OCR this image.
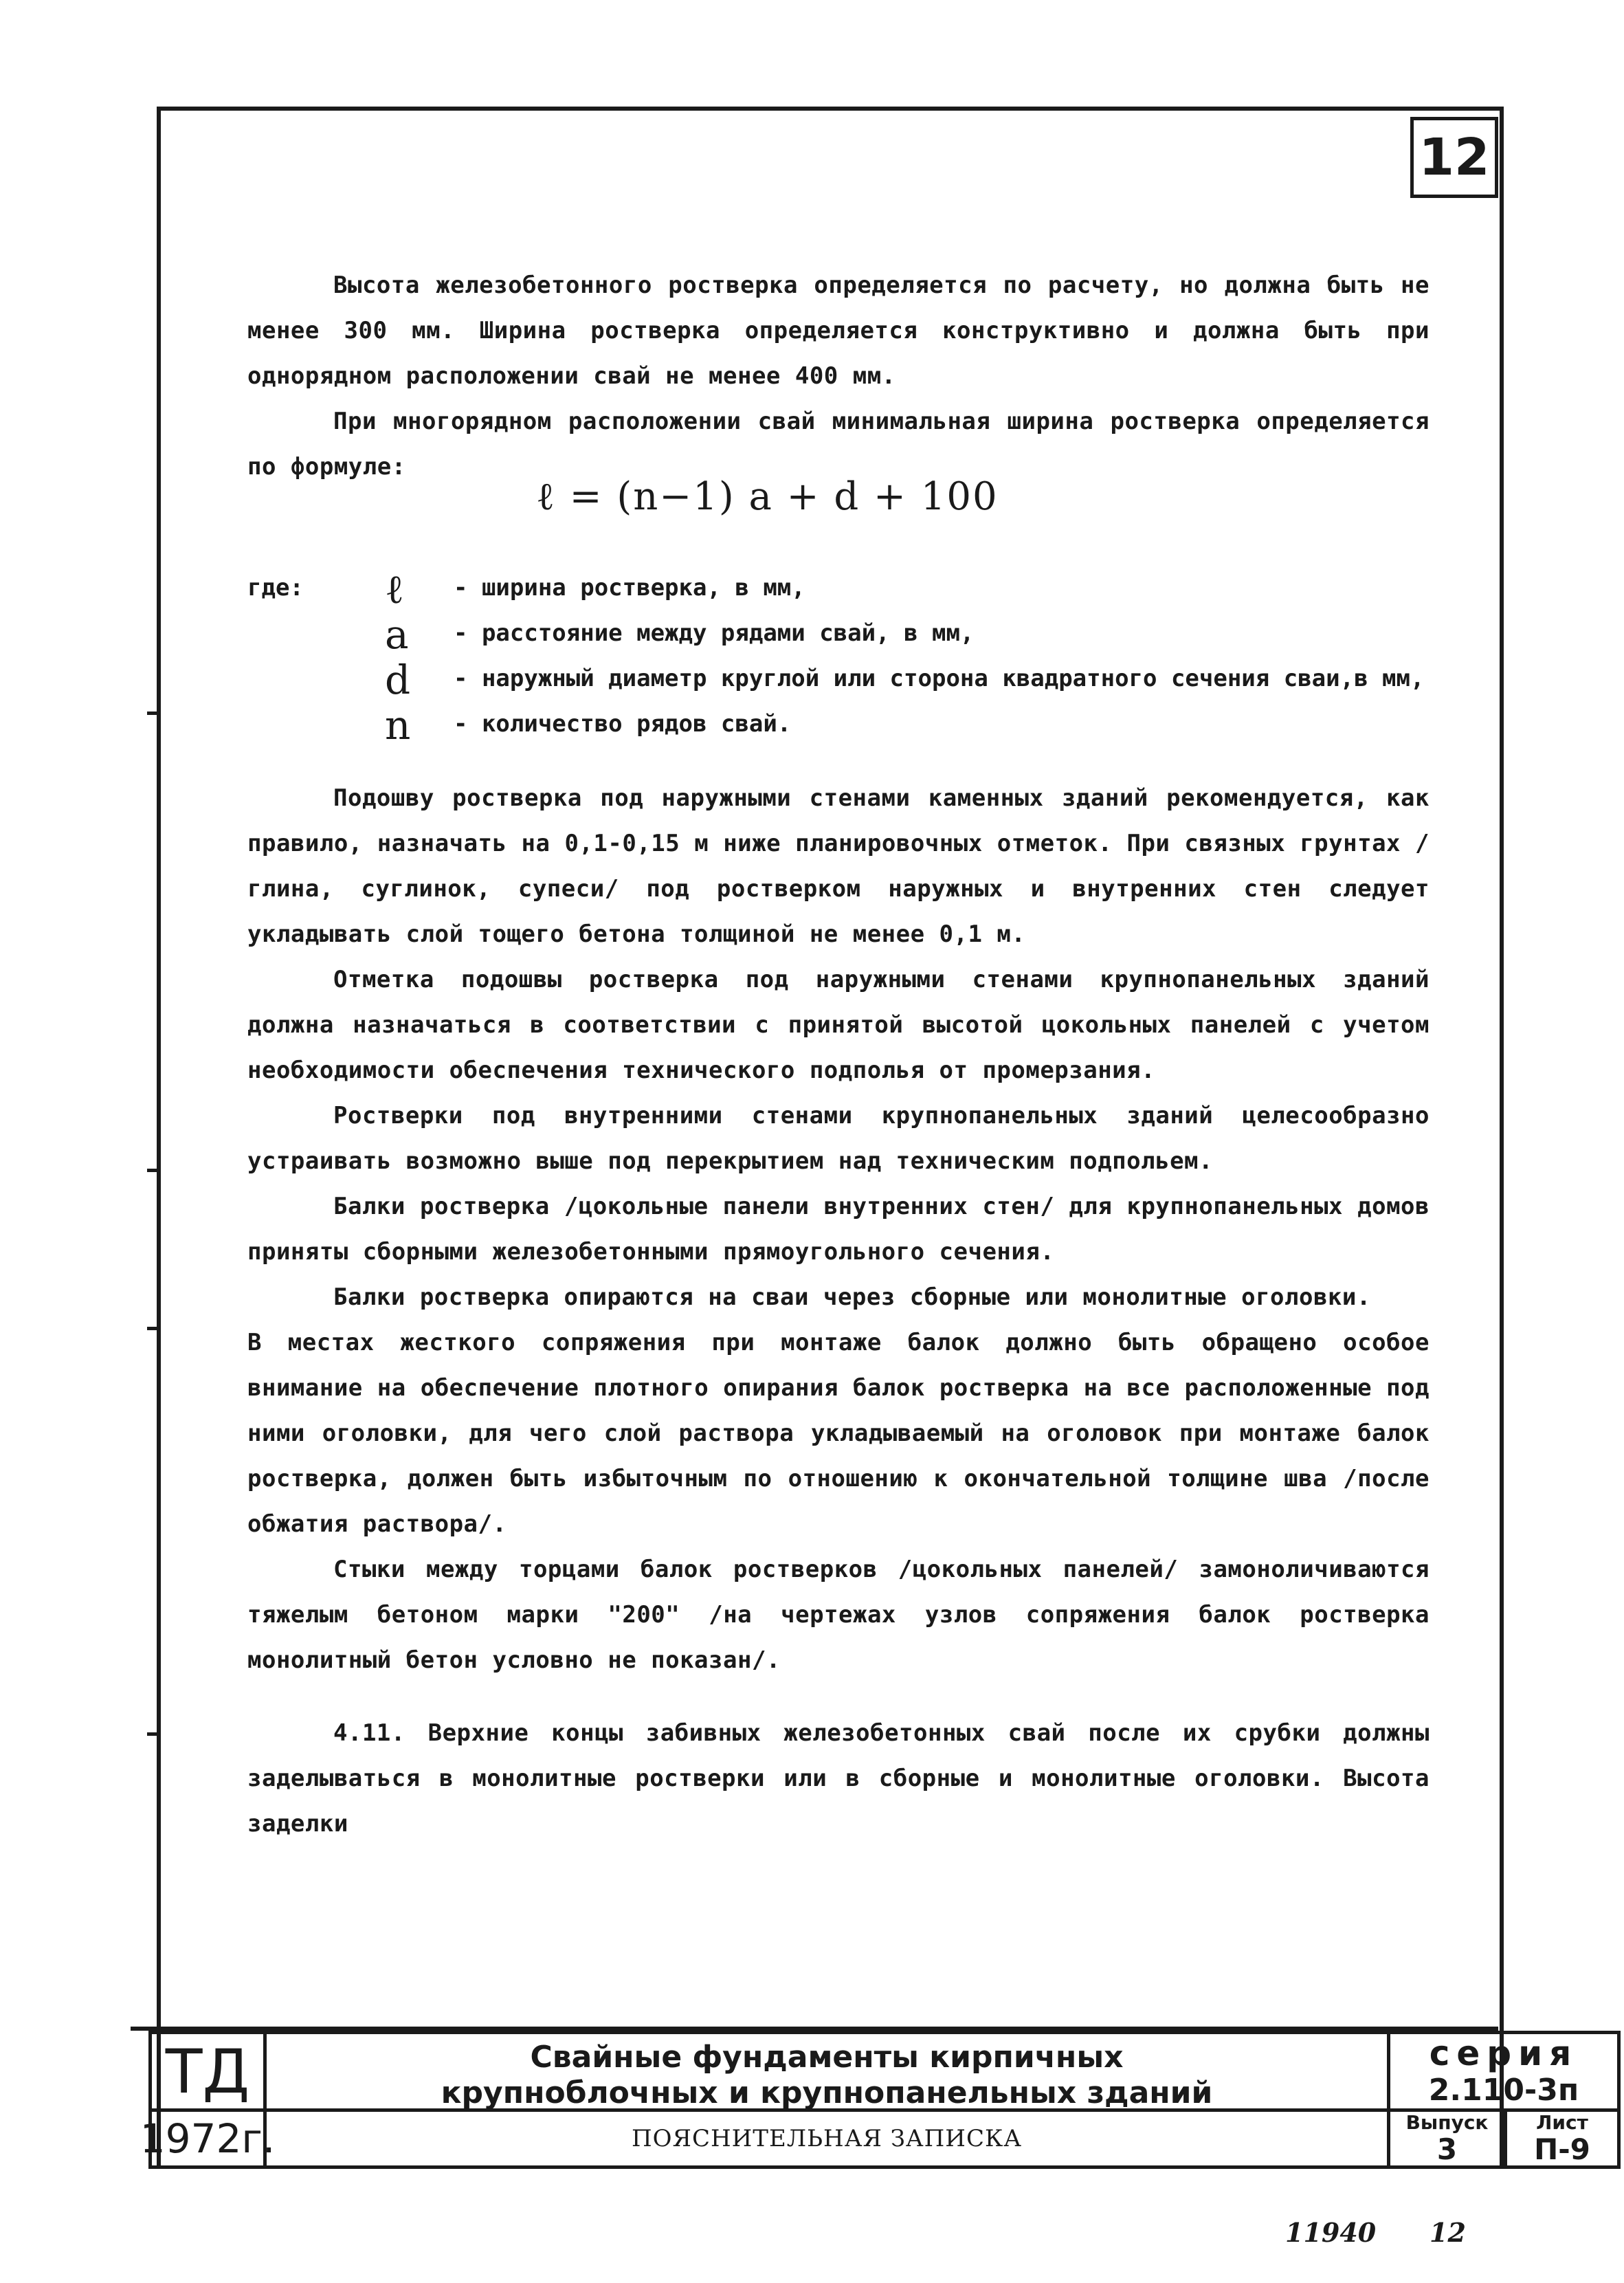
12

Высота железобетонного ростверка определяется по расчету, но должна быть не менее 300 мм. Ширина ростверка определяется конструктивно и должна быть при однорядном расположении свай не менее 400 мм.

При многорядном расположении свай минимальная ширина ростверка определяется по формуле:

ℓ = (n−1) a + d + 100
где: ℓ	- ширина ростверка, в мм,
a	- расстояние между рядами свай, в мм,
d	- наружный диаметр круглой или сторона квадратного сечения сваи,в мм,
n	- количество рядов свай.

Подошву ростверка под наружными стенами каменных зданий рекомендуется, как правило, назначать на 0,1-0,15 м ниже планировочных отметок. При связных грунтах /глина, суглинок, супеси/ под ростверком наружных и внутренних стен следует укладывать слой тощего бетона толщиной не менее 0,1 м.

Отметка подошвы ростверка под наружными стенами крупнопанельных зданий должна назначаться в соответствии с принятой высотой цокольных панелей с учетом необходимости обеспечения технического подполья от промерзания.

Ростверки под внутренними стенами крупнопанельных зданий целесообразно устраивать возможно выше под перекрытием над техническим подпольем.

Балки ростверка /цокольные панели внутренних стен/ для крупнопанельных домов приняты сборными железобетонными прямоугольного сечения.

Балки ростверка опираются на сваи через сборные или монолитные оголовки.

В местах жесткого сопряжения при монтаже балок должно быть обращено особое внимание на обеспечение плотного опирания балок ростверка на все расположенные под ними оголовки, для чего слой раствора укладываемый на оголовок при монтаже балок ростверка, должен быть избыточным по отношению к окончательной толщине шва /после обжатия раствора/.

Стыки между торцами балок ростверков /цокольных панелей/ замоноличиваются тяжелым бетоном марки "200" /на чертежах узлов сопряжения балок ростверка монолитный бетон условно не показан/.

4.11. Верхние концы забивных железобетонных свай после их срубки должны заделываться в монолитные ростверки или в сборные и монолитные оголовки. Высота заделки

ТД
1972г.
Свайные фундаменты кирпичных
крупноблочных и крупнопанельных зданий
ПОЯСНИТЕЛЬНАЯ ЗАПИСКА
серия
2.110-3п
Выпуск
3
Лист
П-9
11940 12
